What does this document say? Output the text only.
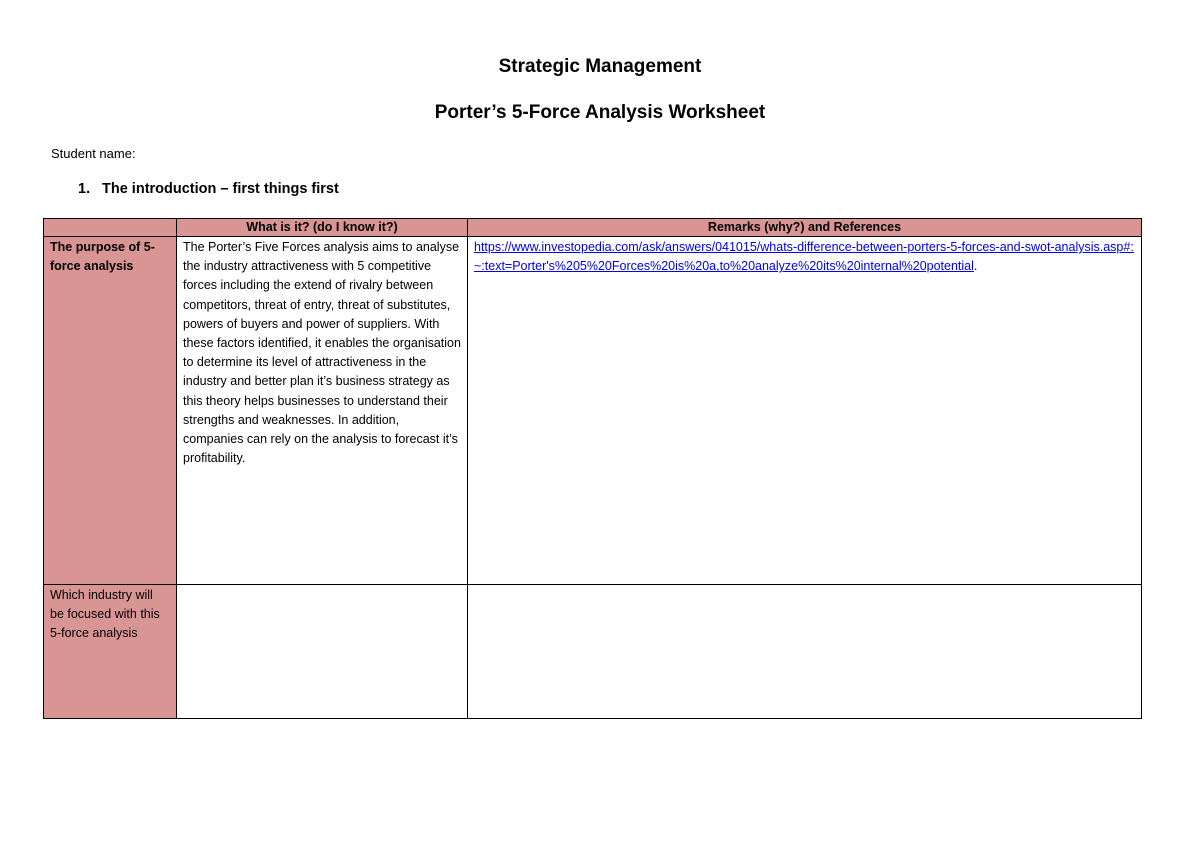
Strategic Management
Porter’s 5-Force Analysis Worksheet
Student name:
1. The introduction – first things first
	What is it? (do I know it?)	Remarks (why?) and References
The purpose of 5-force analysis	The Porter’s Five Forces analysis aims to analyse the industry attractiveness with 5 competitive forces including the extend of rivalry between competitors, threat of entry, threat of substitutes, powers of buyers and power of suppliers. With these factors identified, it enables the organisation to determine its level of attractiveness in the industry and better plan it’s business strategy as this theory helps businesses to understand their strengths and weaknesses. In addition, companies can rely on the analysis to forecast it’s profitability.	https://www.investopedia.com/ask/answers/041015/whats-difference-between-porters-5-forces-and-swot-analysis.asp#:~:text=Porter's%205%20Forces%20is%20a,to%20analyze%20its%20internal%20potential.
Which industry will be focused with this 5-force analysis		
